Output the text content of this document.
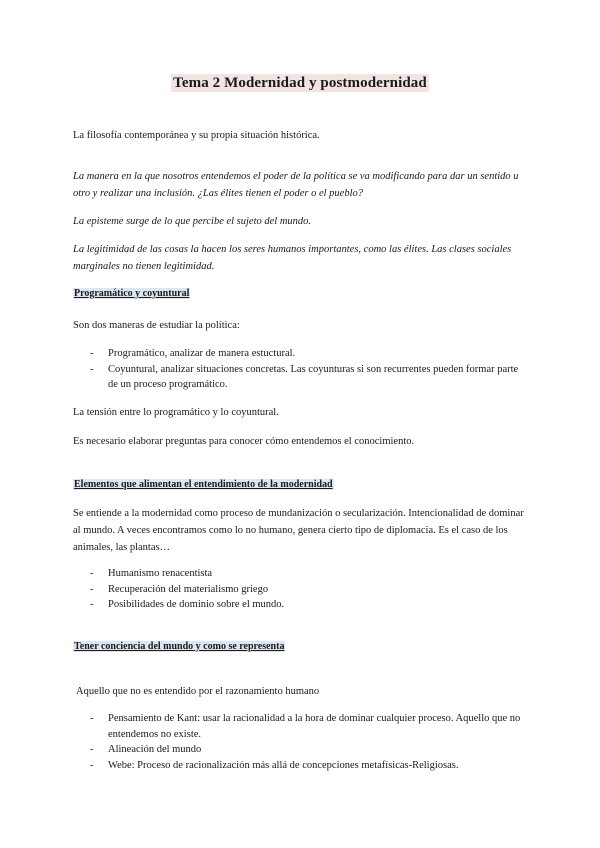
Tema 2 Modernidad y postmodernidad

La filosofía contemporánea y su propia situación histórica.

La manera en la que nosotros entendemos el poder de la política se va modificando para dar un sentido u otro y realizar una inclusión. ¿Las élites tienen el poder o el pueblo?

La episteme surge de lo que percibe el sujeto del mundo.

La legitimidad de las cosas la hacen los seres humanos importantes, como las élites. Las clases sociales marginales no tienen legitimidad.

Programático y coyuntural

Son dos maneras de estudiar la política:

- Programático, analizar de manera estuctural.
- Coyuntural, analizar situaciones concretas. Las coyunturas si son recurrentes pueden formar parte de un proceso programático.

La tensión entre lo programático y lo coyuntural.

Es necesario elaborar preguntas para conocer cómo entendemos el conocimiento.

Elementos que alimentan el entendimiento de la modernidad

Se entiende a la modernidad como proceso de mundanización o secularización. Intencionalidad de dominar al mundo. A veces encontramos como lo no humano, genera cierto tipo de diplomacia. Es el caso de los animales, las plantas…

- Humanismo renacentista
- Recuperación del materialismo griego
- Posibilidades de dominio sobre el mundo.

Tener conciencia del mundo y como se representa

Aquello que no es entendido por el razonamiento humano

- Pensamiento de Kant: usar la racionalidad a la hora de dominar cualquier proceso. Aquello que no entendemos no existe.
- Alineación del mundo
- Webe: Proceso de racionalización más allá de concepciones metafísicas-Religiosas.
